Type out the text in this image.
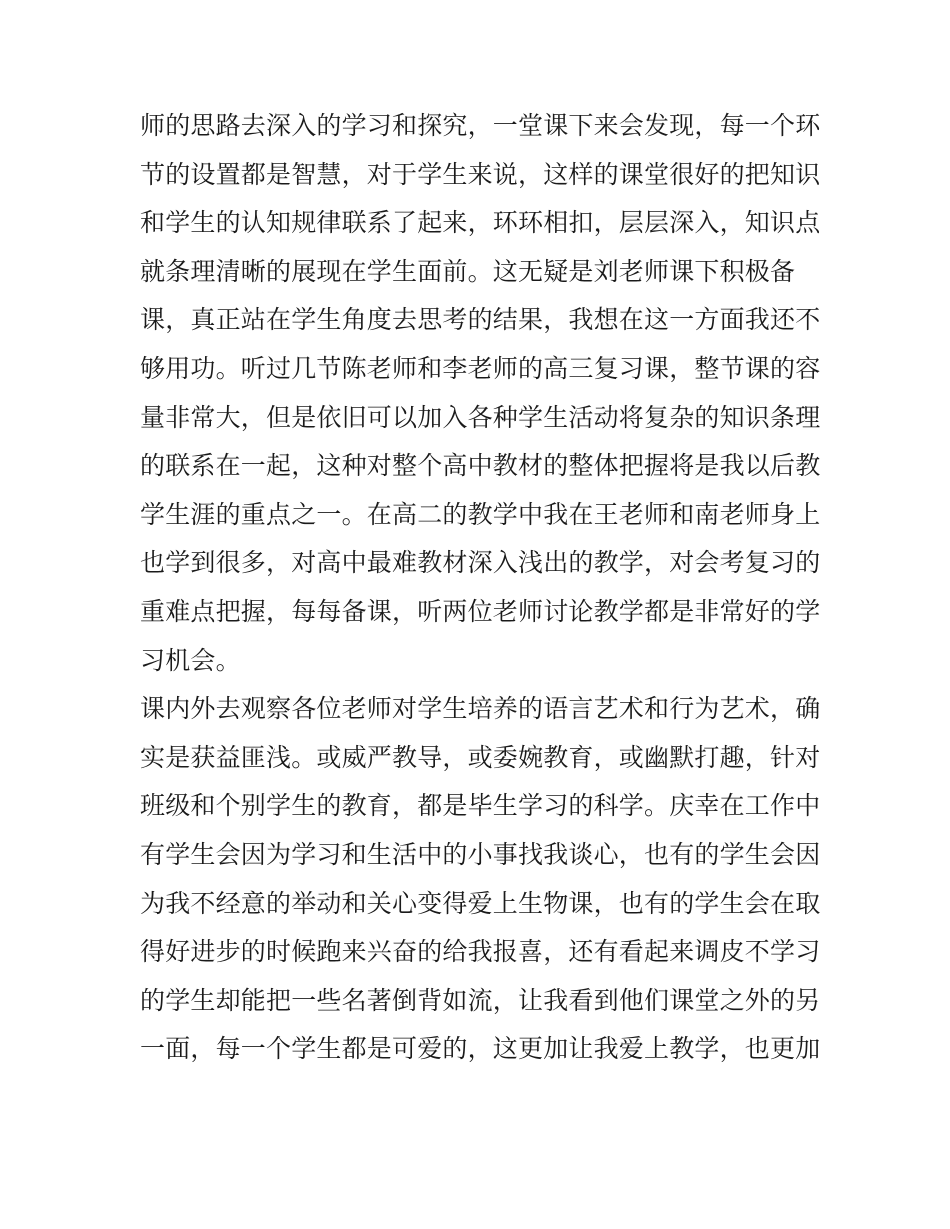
师的思路去深入的学习和探究，一堂课下来会发现，每一个环
节的设置都是智慧，对于学生来说，这样的课堂很好的把知识
和学生的认知规律联系了起来，环环相扣，层层深入，知识点
就条理清晰的展现在学生面前。这无疑是刘老师课下积极备
课，真正站在学生角度去思考的结果，我想在这一方面我还不
够用功。听过几节陈老师和李老师的高三复习课，整节课的容
量非常大，但是依旧可以加入各种学生活动将复杂的知识条理
的联系在一起，这种对整个高中教材的整体把握将是我以后教
学生涯的重点之一。在高二的教学中我在王老师和南老师身上
也学到很多，对高中最难教材深入浅出的教学，对会考复习的
重难点把握，每每备课，听两位老师讨论教学都是非常好的学
习机会。
课内外去观察各位老师对学生培养的语言艺术和行为艺术，确
实是获益匪浅。或威严教导，或委婉教育，或幽默打趣，针对
班级和个别学生的教育，都是毕生学习的科学。庆幸在工作中
有学生会因为学习和生活中的小事找我谈心，也有的学生会因
为我不经意的举动和关心变得爱上生物课，也有的学生会在取
得好进步的时候跑来兴奋的给我报喜，还有看起来调皮不学习
的学生却能把一些名著倒背如流，让我看到他们课堂之外的另
一面，每一个学生都是可爱的，这更加让我爱上教学，也更加
